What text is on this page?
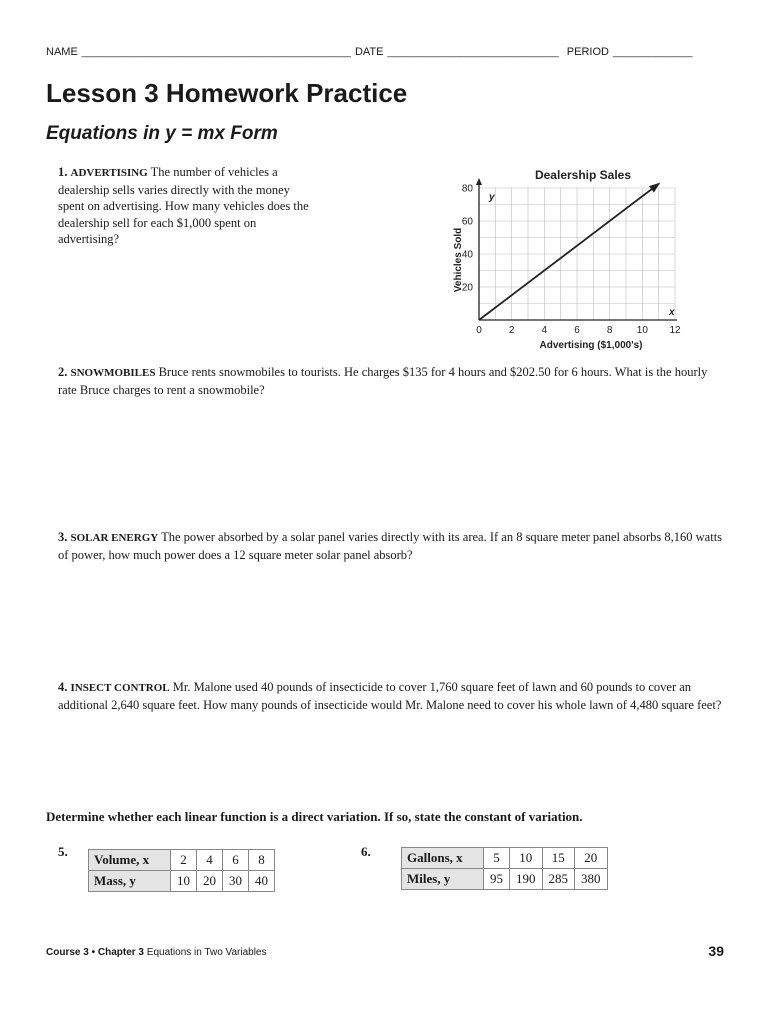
NAME ____________________________________________ DATE ____________________________ PERIOD _____________
Lesson 3 Homework Practice
Equations in y = mx Form
1. ADVERTISING The number of vehicles a dealership sells varies directly with the money spent on advertising. How many vehicles does the dealership sell for each $1,000 spent on advertising?
Dealership Sales
y
x
Vehicles Sold
Advertising ($1,000's)
0	2	4	6	8 10 12
20
40
60
80
2. SNOWMOBILES Bruce rents snowmobiles to tourists. He charges $135 for 4 hours and $202.50 for 6 hours. What is the hourly rate Bruce charges to rent a snowmobile?
3. SOLAR ENERGY The power absorbed by a solar panel varies directly with its area. If an 8 square meter panel absorbs 8,160 watts of power, how much power does a 12 square meter solar panel absorb?
4. INSECT CONTROL Mr. Malone used 40 pounds of insecticide to cover 1,760 square feet of lawn and 60 pounds to cover an additional 2,640 square feet. How many pounds of insecticide would Mr. Malone need to cover his whole lawn of 4,480 square feet?
Determine whether each linear function is a direct variation. If so, state the constant of variation.
5.
Volume, x	2	4	6	8
Mass, y	10	20	30	40
6.	Gallons, x	5	10	15	20
Miles, y	95	190	285	380
Course 3 • Chapter 3 Equations in Two Variables	39
